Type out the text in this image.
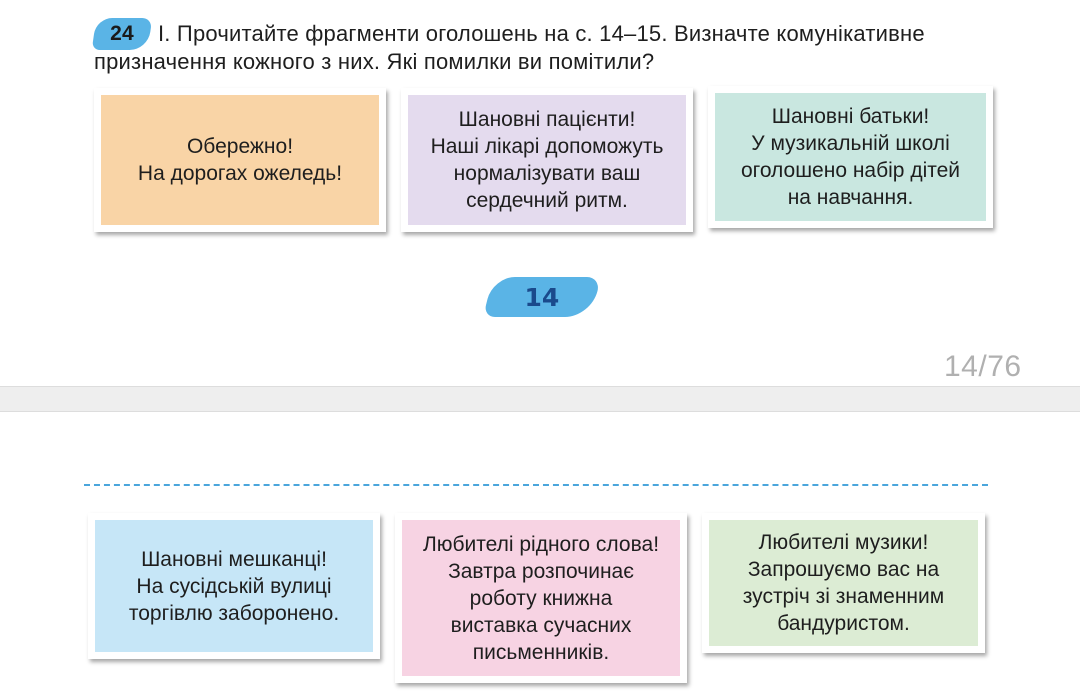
24	I. Прочитайте фрагменти оголошень на с. 14–15. Визначте комунікативне
призначення кожного з них. Які помилки ви помітили?
Обережно!
На дорогах ожеледь!
Шановні пацієнти!
Наші лікарі допоможуть
нормалізувати ваш
сердечний ритм.
Шановні батьки!
У музикальній школі
оголошено набір дітей
на навчання.
14
14/76
Шановні мешканці!
На сусідській вулиці
торгівлю заборонено.
Любителі рідного слова!
Завтра розпочинає
роботу книжна
виставка сучасних
письменників.
Любителі музики!
Запрошуємо вас на
зустріч зі знаменним
бандуристом.
